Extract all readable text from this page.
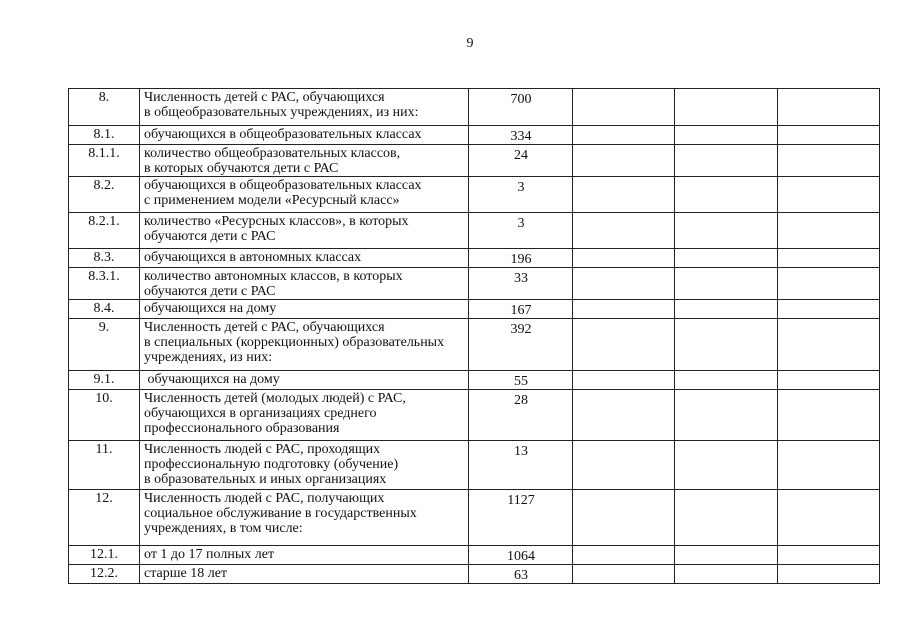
9
8.	Численность детей с РАС, обучающихся
в общеобразовательных учреждениях, из них:	700			
8.1.	обучающихся в общеобразовательных классах	334			
8.1.1.	количество общеобразовательных классов,
в которых обучаются дети с РАС	24			
8.2.	обучающихся в общеобразовательных классах
с применением модели «Ресурсный класс»	3			
8.2.1.	количество «Ресурсных классов», в которых
обучаются дети с РАС	3			
8.3.	обучающихся в автономных классах	196			
8.3.1.	количество автономных классов, в которых
обучаются дети с РАС	33			
8.4.	обучающихся на дому	167			
9.	Численность детей с РАС, обучающихся
в специальных (коррекционных) образовательных
учреждениях, из них:	392			
9.1.	обучающихся на дому	55			
10.	Численность детей (молодых людей) с РАС,
обучающихся в организациях среднего
профессионального образования	28			
11.	Численность людей с РАС, проходящих
профессиональную подготовку (обучение)
в образовательных и иных организациях	13			
12.	Численность людей с РАС, получающих
социальное обслуживание в государственных
учреждениях, в том числе:	1127			
12.1.	от 1 до 17 полных лет	1064			
12.2.	старше 18 лет	63			
